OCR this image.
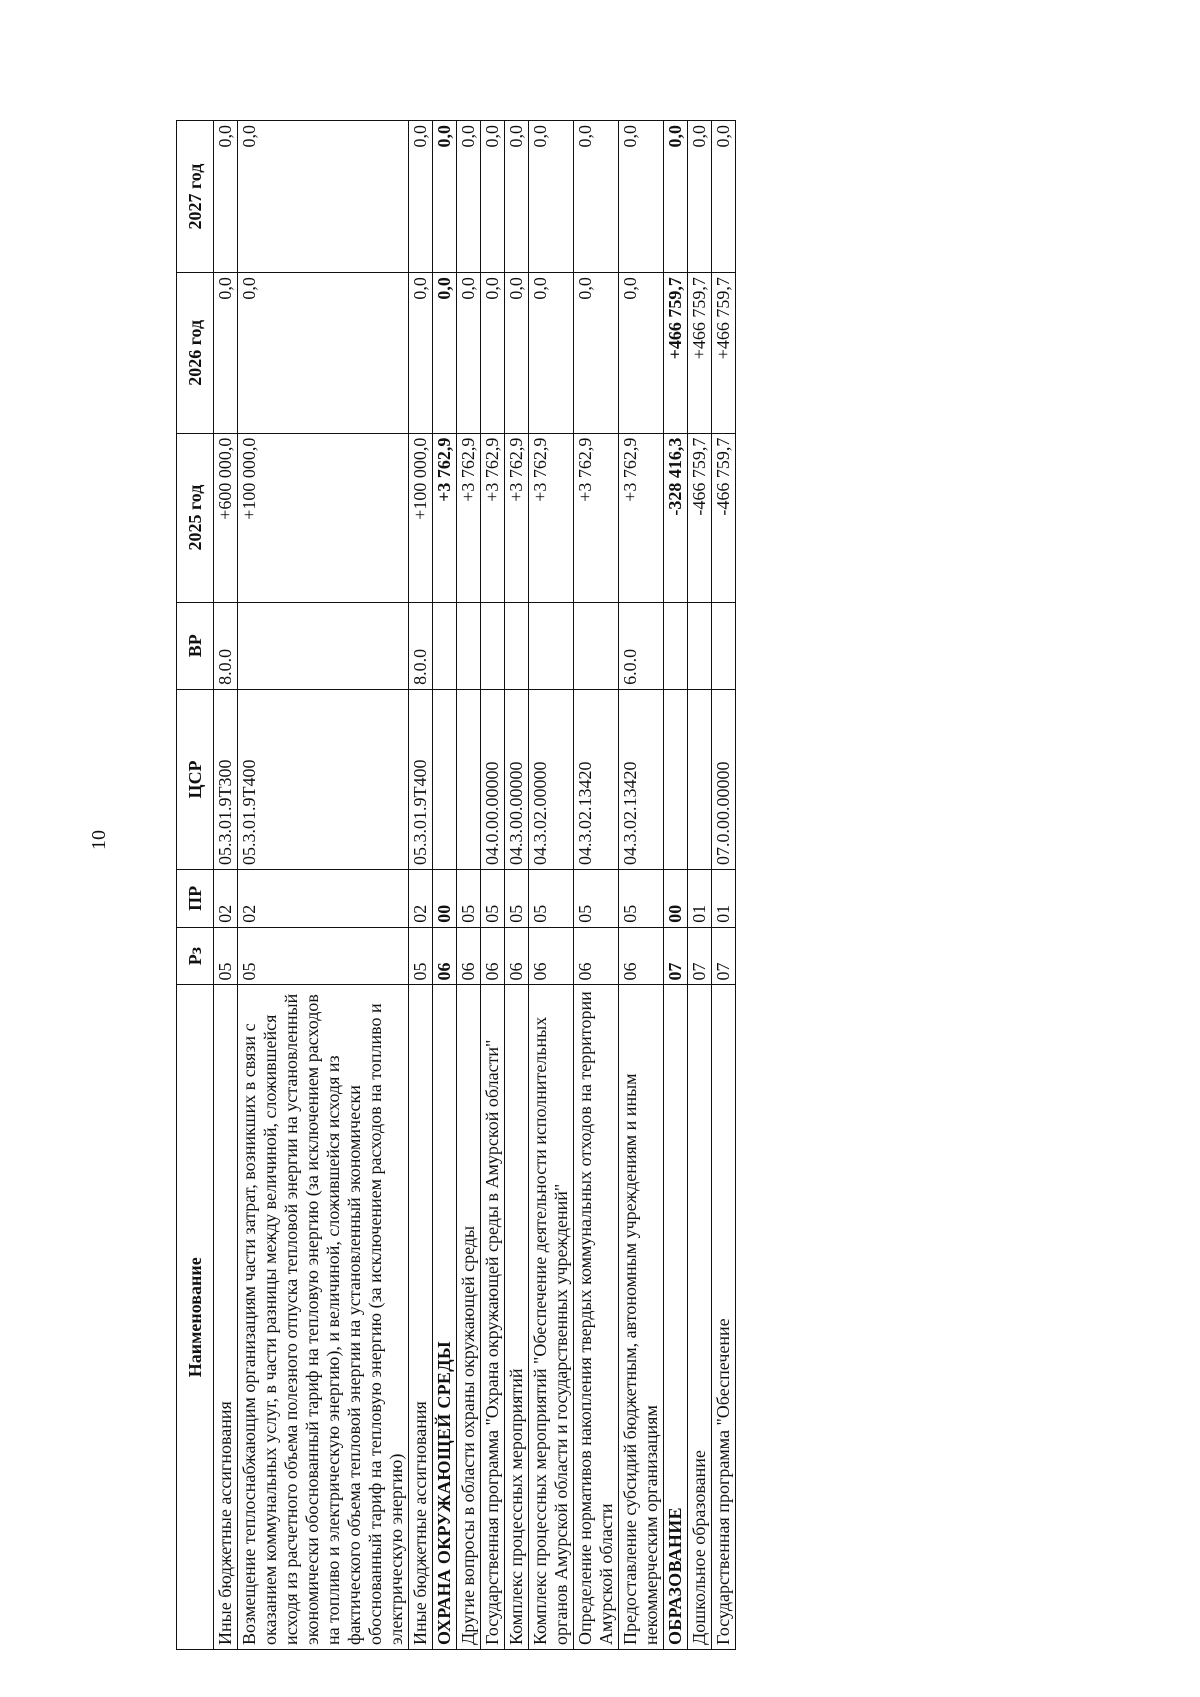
10
Наименование	Рз	ПР	ЦСР	ВР	2025 год	2026 год	2027 год
Иные бюджетные ассигнования	05	02	05.3.01.9Т300	8.0.0	+600 000,0	0,0	0,0
Возмещение теплоснабжающим организациям части затрат, возникших в связи с оказанием коммунальных услуг, в части разницы между величиной, сложившейся исходя из расчетного объема полезного отпуска тепловой энергии на установленный экономически обоснованный тариф на тепловую энергию (за исключением расходов на топливо и электрическую энергию), и величиной, сложившейся исходя из фактического объема тепловой энергии на установленный экономически обоснованный тариф на тепловую энергию (за исключением расходов на топливо и электрическую энергию)	05	02	05.3.01.9Т400		+100 000,0	0,0	0,0
Иные бюджетные ассигнования	05	02	05.3.01.9Т400	8.0.0	+100 000,0	0,0	0,0
ОХРАНА ОКРУЖАЮЩЕЙ СРЕДЫ	06	00			+3 762,9	0,0	0,0
Другие вопросы в области охраны окружающей среды	06	05			+3 762,9	0,0	0,0
Государственная программа "Охрана окружающей среды в Амурской области"	06	05	04.0.00.00000		+3 762,9	0,0	0,0
Комплекс процессных мероприятий	06	05	04.3.00.00000		+3 762,9	0,0	0,0
Комплекс процессных мероприятий "Обеспечение деятельности исполнительных органов Амурской области и государственных учреждений"	06	05	04.3.02.00000		+3 762,9	0,0	0,0
Определение нормативов накопления твердых коммунальных отходов на территории Амурской области	06	05	04.3.02.13420		+3 762,9	0,0	0,0
Предоставление субсидий бюджетным, автономным учреждениям и иным некоммерческим организациям	06	05	04.3.02.13420	6.0.0	+3 762,9	0,0	0,0
ОБРАЗОВАНИЕ	07	00			-328 416,3	+466 759,7	0,0
Дошкольное образование	07	01			-466 759,7	+466 759,7	0,0
Государственная программа "Обеспечение	07	01	07.0.00.00000		-466 759,7	+466 759,7	0,0
